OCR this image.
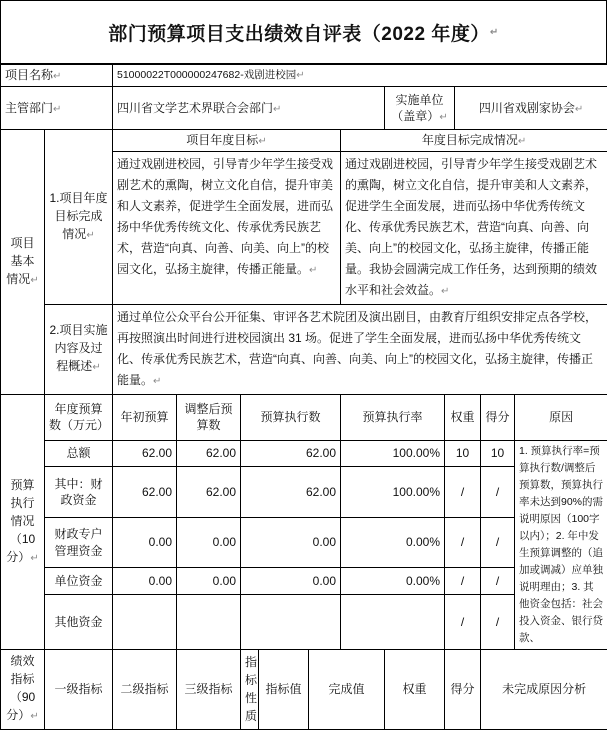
部门预算项目支出绩效自评表（2022 年度）
↵
项目名称 ↵		51000022T000000247682-戏剧进校园 ↵
主管部门 ↵		四川省文学艺术界联合会部门 ↵						实施单位（盖章） ↵		四川省戏剧家协会 ↵
项目基本情况 ↵	1.项目年度目标完成情况 ↵	项目年度目标 ↵					年度目标完成情况 ↵
		通过戏剧进校园，引导青少年学生接受戏剧艺术的熏陶，树立文化自信，提升审美和人文素养，促进学生全面发展，进而弘扬中华优秀传统文化、传承优秀民族艺术，营造“向真、向善、向美、向上”的校园文化，弘扬主旋律，传播正能量。 ↵					通过戏剧进校园，引导青少年学生接受戏剧艺术的熏陶，树立文化自信，提升审美和人文素养，促进学生全面发展，进而弘扬中华优秀传统文化、传承优秀民族艺术，营造“向真、向善、向美、向上”的校园文化，弘扬主旋律，传播正能量。我协会圆满完成工作任务，达到预期的绩效水平和社会效益。 ↵
	2.项目实施内容及过程概述 ↵	通过单位公众平台公开征集、审评各艺术院团及演出剧目，由教育厅组织安排定点各学校，再按照演出时间进行进校园演出 31 场。促进了学生全面发展，进而弘扬中华优秀传统文化、传承优秀民族艺术，营造“向真、向善、向美、向上”的校园文化，弘扬主旋律，传播正能量。 ↵
预算执行情况（10分） ↵	年度预算数（万元）	年初预算	调整后预算数	预算执行数			预算执行率		权重		得分	原因
	总额	62.00	62.00	62.00			100.00%		10		10	1. 预算执行率=预算执行数/调整后预算数，预算执行率未达到90%的需说明原因（100字以内）；2. 年中发生预算调整的（追加或调减）应单独说明理由；3. 其他资金包括：社会投入资金、银行贷款、
	其中：财政资金	62.00	62.00	62.00			100.00%		/		/	
	财政专户管理资金	0.00	0.00	0.00			0.00%		/		/	
	单位资金	0.00	0.00	0.00			0.00%		/		/	
	其他资金								/		/	
绩效指标（90分） ↵	一级指标	二级指标	三级指标	指标性质	指标值	完成值		权重	得分		未完成原因分析	
